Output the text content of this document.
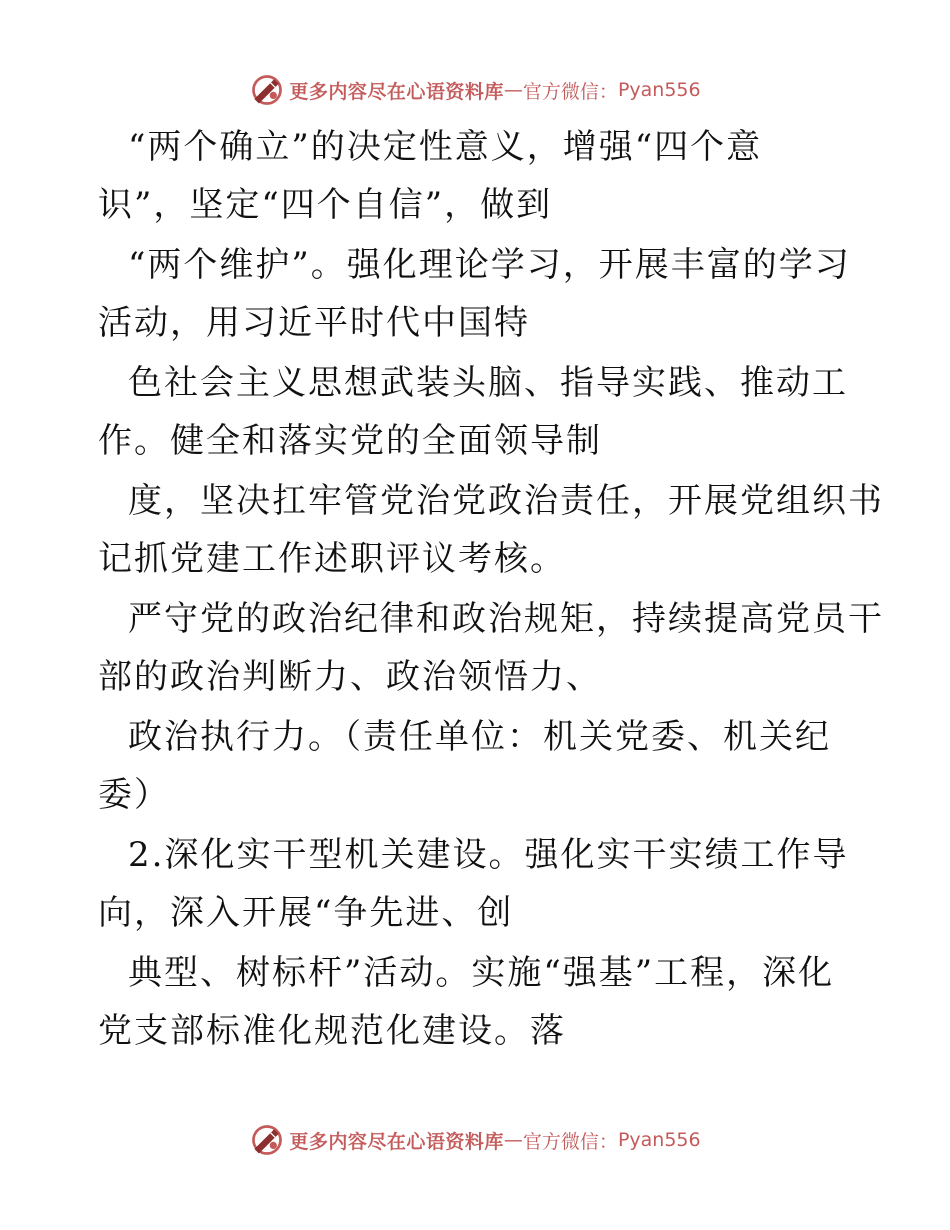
更多内容尽在心语资料库 — 官方微信： Pyan556
“两个确立”的决定性意义，增强“四个意
识”，坚定“四个自信”，做到
“两个维护”。强化理论学习，开展丰富的学习
活动，用习近平时代中国特
色社会主义思想武装头脑、指导实践、推动工
作。健全和落实党的全面领导制
度，坚决扛牢管党治党政治责任，开展党组织书
记抓党建工作述职评议考核。
严守党的政治纪律和政治规矩，持续提高党员干
部的政治判断力、政治领悟力、
政治执行力。（责任单位：机关党委、机关纪
委）
2.深化实干型机关建设。强化实干实绩工作导
向，深入开展“争先进、创
典型、树标杆”活动。实施“强基”工程，深化
党支部标准化规范化建设。落
更多内容尽在心语资料库 — 官方微信： Pyan556
